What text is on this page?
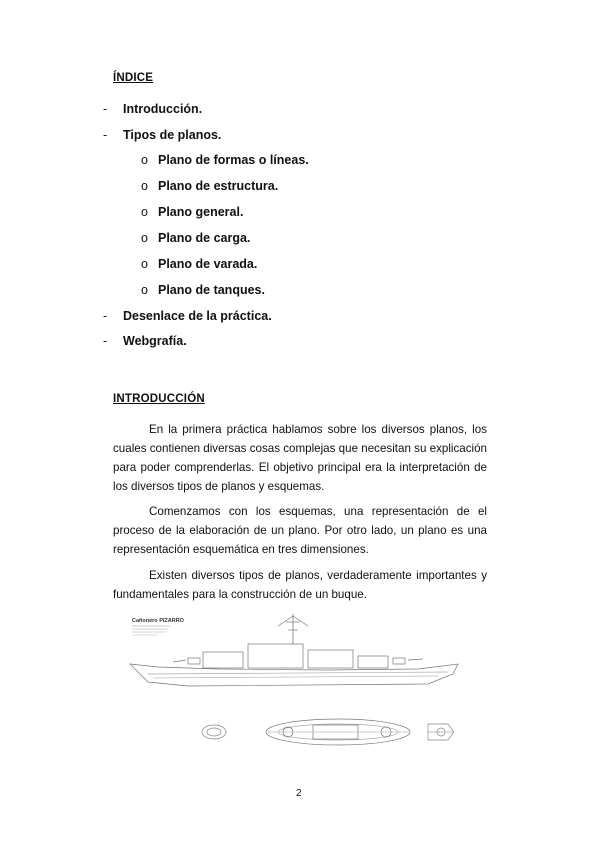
ÍNDICE
- Introducción.
- Tipos de planos.
o Plano de formas o líneas.
o Plano de estructura.
o Plano general.
o Plano de carga.
o Plano de varada.
o Plano de tanques.
- Desenlace de la práctica.
- Webgrafía.
INTRODUCCIÓN

En la primera práctica hablamos sobre los diversos planos, los cuales contienen diversas cosas complejas que necesitan su explicación para poder comprenderlas. El objetivo principal era la interpretación de los diversos tipos de planos y esquemas.

Comenzamos con los esquemas, una representación de el proceso de la elaboración de un plano. Por otro lado, un plano es una representación esquemática en tres dimensiones.

Existen diversos tipos de planos, verdaderamente importantes y fundamentales para la construcción de un buque.

Cañonero PIZARRO
2
